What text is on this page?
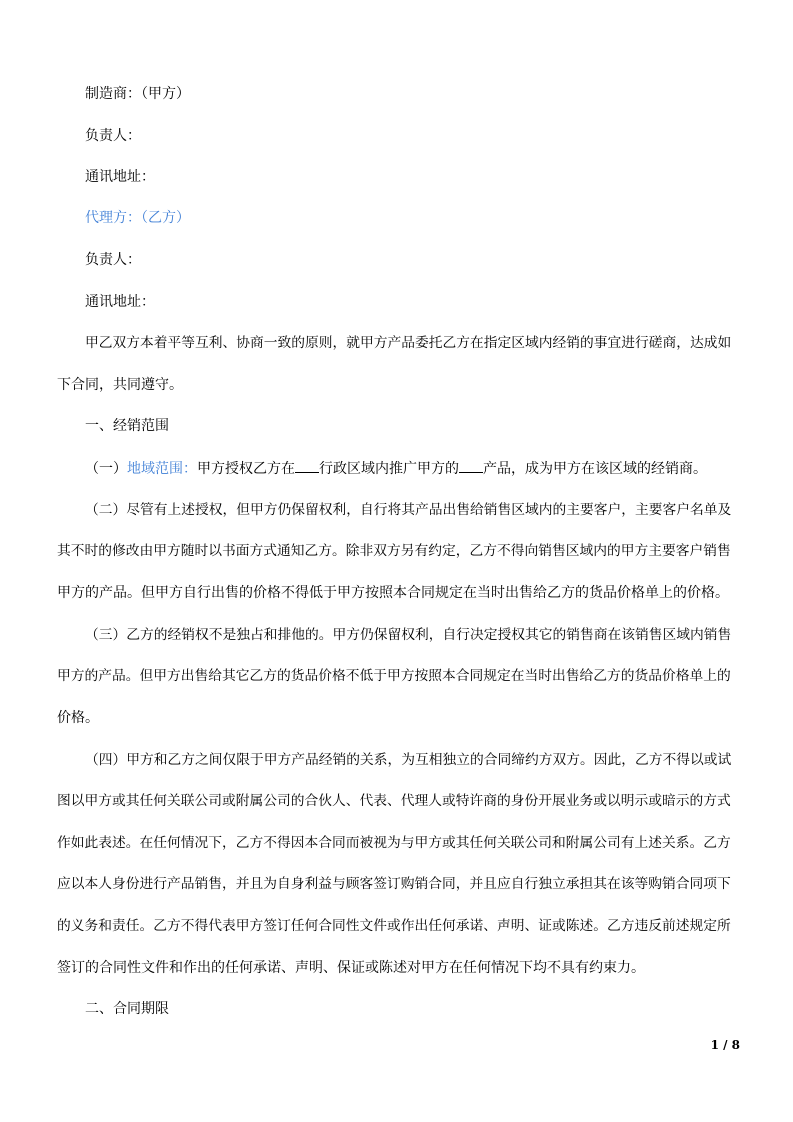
制造商：（甲方）
负责人：
通讯地址：
代理方：（乙方）
负责人：
通讯地址：
甲乙双方本着平等互利、协商一致的原则，就甲方产品委托乙方在指定区域内经销的事宜进行磋商，达成如
下合同，共同遵守。
一、经销范围
（一）地域范围：甲方授权乙方在 行政区域内推广甲方的 产品，成为甲方在该区域的经销商。
（二）尽管有上述授权，但甲方仍保留权利，自行将其产品出售给销售区域内的主要客户，主要客户名单及
其不时的修改由甲方随时以书面方式通知乙方。除非双方另有约定，乙方不得向销售区域内的甲方主要客户销售
甲方的产品。但甲方自行出售的价格不得低于甲方按照本合同规定在当时出售给乙方的货品价格单上的价格。
（三）乙方的经销权不是独占和排他的。甲方仍保留权利，自行决定授权其它的销售商在该销售区域内销售
甲方的产品。但甲方出售给其它乙方的货品价格不低于甲方按照本合同规定在当时出售给乙方的货品价格单上的
价格。
（四）甲方和乙方之间仅限于甲方产品经销的关系，为互相独立的合同缔约方双方。因此，乙方不得以或试
图以甲方或其任何关联公司或附属公司的合伙人、代表、代理人或特许商的身份开展业务或以明示或暗示的方式
作如此表述。在任何情况下，乙方不得因本合同而被视为与甲方或其任何关联公司和附属公司有上述关系。乙方
应以本人身份进行产品销售，并且为自身利益与顾客签订购销合同，并且应自行独立承担其在该等购销合同项下
的义务和责任。乙方不得代表甲方签订任何合同性文件或作出任何承诺、声明、证或陈述。乙方违反前述规定所
签订的合同性文件和作出的任何承诺、声明、保证或陈述对甲方在任何情况下均不具有约束力。
二、合同期限
1 / 8
